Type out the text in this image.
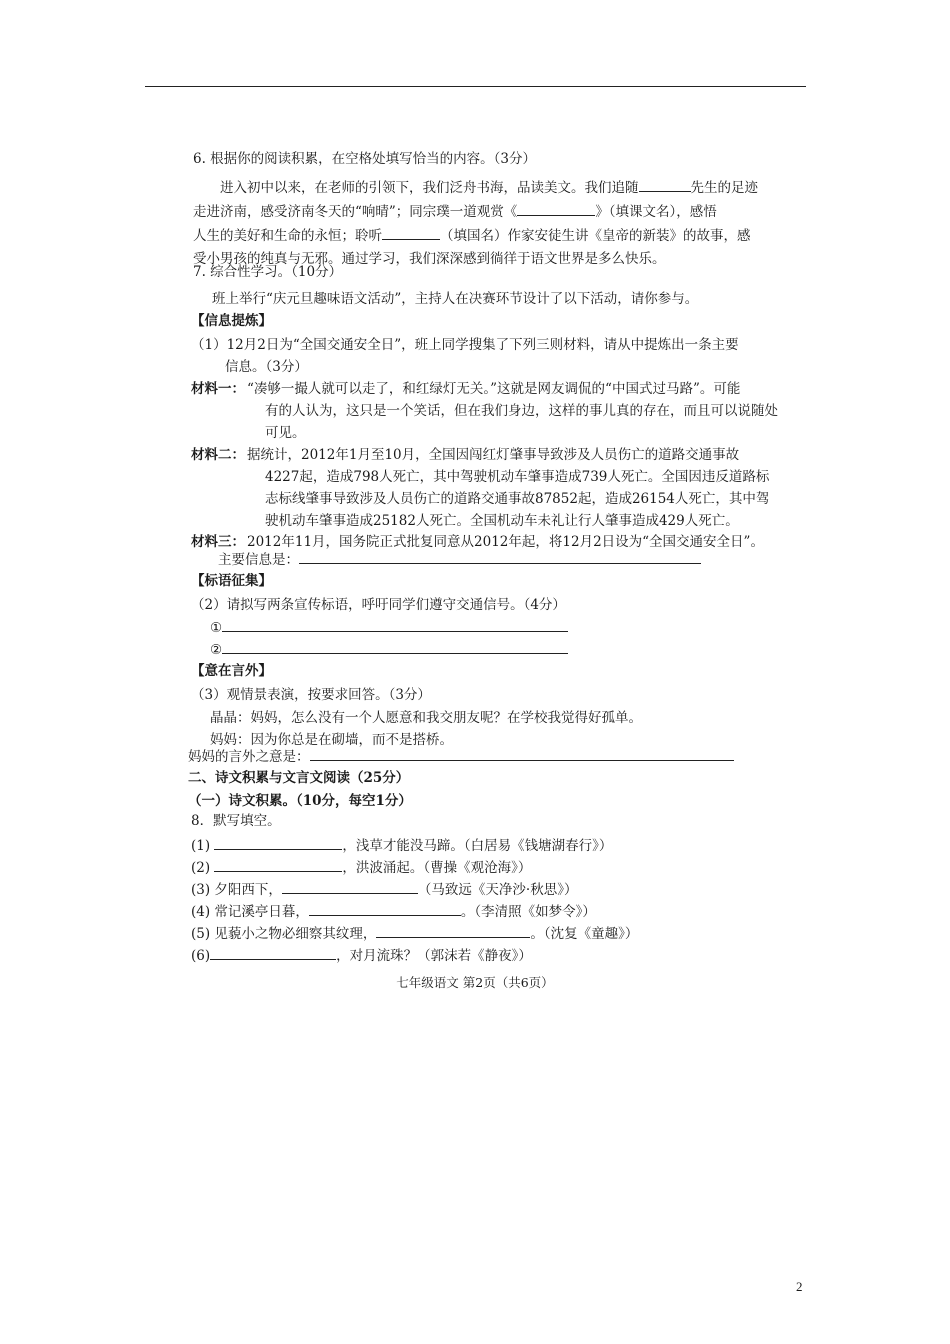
6. 根据你的阅读积累，在空格处填写恰当的内容。（3分）
进入初中以来，在老师的引领下，我们泛舟书海，品读美文。我们追随	先生的足迹
走进济南，感受济南冬天的“响晴”；同宗璞一道观赏《	》（填课文名），感悟
人生的美好和生命的永恒；聆听	（填国名）作家安徒生讲《皇帝的新装》的故事，感
受小男孩的纯真与无邪。通过学习，我们深深感到徜徉于语文世界是多么快乐。
7. 综合性学习。（10分）
班上举行“庆元旦趣味语文活动”，主持人在决赛环节设计了以下活动，请你参与。
【信息提炼】
（1）12月2日为“全国交通安全日”，班上同学搜集了下列三则材料，请从中提炼出一条主要
信息。（3分）
材料一： “凑够一撮人就可以走了，和红绿灯无关。”这就是网友调侃的“中国式过马路”。可能
有的人认为，这只是一个笑话，但在我们身边，这样的事儿真的存在，而且可以说随处
可见。
材料二： 据统计，2012年1月至10月，全国因闯红灯肇事导致涉及人员伤亡的道路交通事故
4227起，造成798人死亡，其中驾驶机动车肇事造成739人死亡。全国因违反道路标
志标线肇事导致涉及人员伤亡的道路交通事故87852起，造成26154人死亡，其中驾
驶机动车肇事造成25182人死亡。全国机动车未礼让行人肇事造成429人死亡。
材料三： 2012年11月，国务院正式批复同意从2012年起，将12月2日设为“全国交通安全日”。
主要信息是：
【标语征集】
（2）请拟写两条宣传标语，呼吁同学们遵守交通信号。（4分）
①
②
【意在言外】
（3）观情景表演，按要求回答。（3分）
晶晶：妈妈，怎么没有一个人愿意和我交朋友呢？在学校我觉得好孤单。
妈妈：因为你总是在砌墙，而不是搭桥。
妈妈的言外之意是：
二、诗文积累与文言文阅读（25分）
（一）诗文积累。（10分，每空1分）
8．默写填空。
(1)	，浅草才能没马蹄。（白居易《钱塘湖春行》）
(2)	，洪波涌起。（曹操《观沧海》）
(3) 夕阳西下，	（马致远《天净沙·秋思》）
(4) 常记溪亭日暮，	。（李清照《如梦令》）
(5) 见藐小之物必细察其纹理，	。（沈复《童趣》）
(6)	，对月流珠？（郭沫若《静夜》）
七年级语文 第2页（共6页）
2
